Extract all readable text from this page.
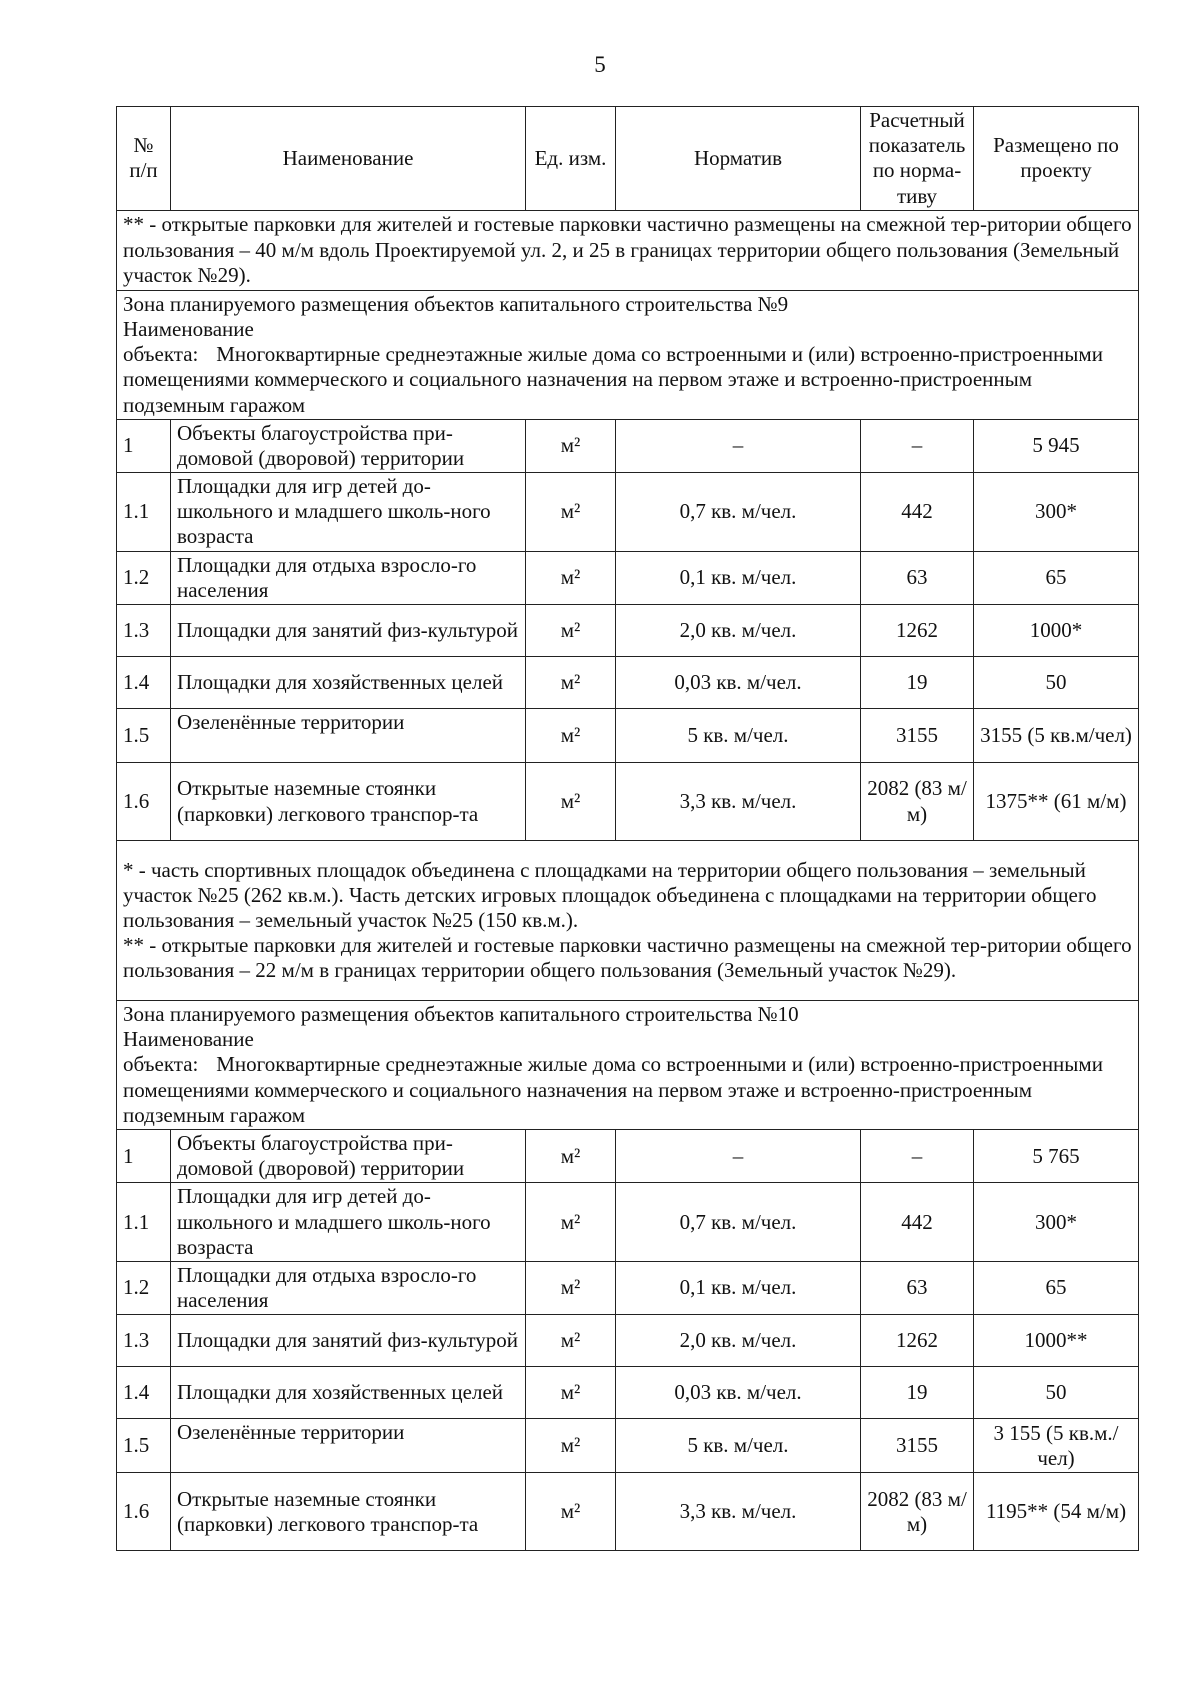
5
№ п/п	Наименование	Ед. изм.	Норматив	Расчетный показатель по норма-тиву	Размещено по проекту
** - открытые парковки для жителей и гостевые парковки частично размещены на смежной тер-ритории общего пользования – 40 м/м вдоль Проектируемой ул. 2, и 25 в границах территории общего пользования (Земельный участок №29).					

Зона планируемого размещения объектов капитального строительства №9
Наименование объекта: Многоквартирные среднеэтажные жилые дома со встроенными и (или) встроенно-пристроенными помещениями коммерческого и социального назначения на первом этаже и встроенно-пристроенным подземным гаражом					

1	Объекты благоустройства при-домовой (дворовой) территории	м²	–	–	5 945
1.1	Площадки для игр детей до-школьного и младшего школь-ного возраста	м²	0,7 кв. м/чел.	442	300*
1.2	Площадки для отдыха взросло-го населения	м²	0,1 кв. м/чел.	63	65
1.3	Площадки для занятий физ-культурой	м²	2,0 кв. м/чел.	1262	1000*
1.4	Площадки для хозяйственных целей	м²	0,03 кв. м/чел.	19	50
1.5	Озеленённые территории	м²	5 кв. м/чел.	3155	3155 (5 кв.м/чел)
1.6	Открытые наземные стоянки (парковки) легкового транспор-та	м²	3,3 кв. м/чел.	2082 (83 м/м)	1375** (61 м/м)

* - часть спортивных площадок объединена с площадками на территории общего пользования – земельный участок №25 (262 кв.м.). Часть детских игровых площадок объединена с площадками на территории общего пользования – земельный участок №25 (150 кв.м.).
** - открытые парковки для жителей и гостевые парковки частично размещены на смежной тер-ритории общего пользования – 22 м/м в границах территории общего пользования (Земельный участок №29).					

Зона планируемого размещения объектов капитального строительства №10
Наименование объекта: Многоквартирные среднеэтажные жилые дома со встроенными и (или) встроенно-пристроенными помещениями коммерческого и социального назначения на первом этаже и встроенно-пристроенным подземным гаражом					

1	Объекты благоустройства при-домовой (дворовой) территории	м²	–	–	5 765
1.1	Площадки для игр детей до-школьного и младшего школь-ного возраста	м²	0,7 кв. м/чел.	442	300*
1.2	Площадки для отдыха взросло-го населения	м²	0,1 кв. м/чел.	63	65
1.3	Площадки для занятий физ-культурой	м²	2,0 кв. м/чел.	1262	1000**
1.4	Площадки для хозяйственных целей	м²	0,03 кв. м/чел.	19	50
1.5	Озеленённые территории	м²	5 кв. м/чел.	3155	3 155 (5 кв.м./чел)
1.6	Открытые наземные стоянки (парковки) легкового транспор-та	м²	3,3 кв. м/чел.	2082 (83 м/м)	1195** (54 м/м)
